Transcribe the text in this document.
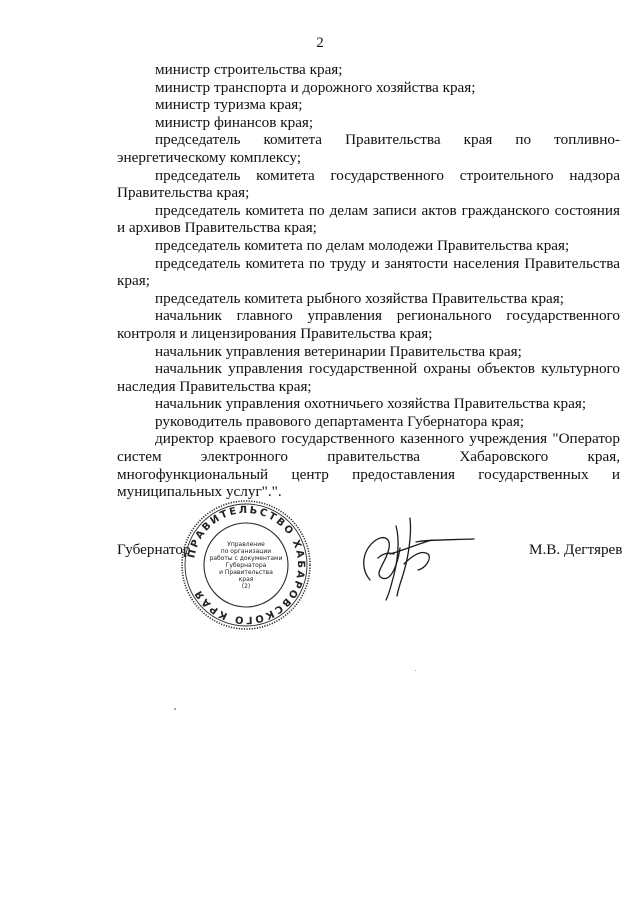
2

министр строительства края;

министр транспорта и дорожного хозяйства края;

министр туризма края;

министр финансов края;

председатель комитета Правительства края по топливно-энергетическому комплексу;

председатель комитета государственного строительного надзора Правительства края;

председатель комитета по делам записи актов гражданского состояния и архивов Правительства края;

председатель комитета по делам молодежи Правительства края;

председатель комитета по труду и занятости населения Правительства края;

председатель комитета рыбного хозяйства Правительства края;

начальник главного управления регионального государственного контроля и лицензирования Правительства края;

начальник управления ветеринарии Правительства края;

начальник управления государственной охраны объектов культурного наследия Правительства края;

начальник управления охотничьего хозяйства Правительства края;

руководитель правового департамента Губернатора края;

директор краевого государственного казенного учреждения "Оператор систем электронного правительства Хабаровского края, многофункциональный центр предоставления государственных и муниципальных услуг".".

Губернатор
ПРАВИТЕЛЬСТВО ХАБАРОВСКОГО КРАЯ
Управление
по организации
работы с документами
Губернатора
и Правительства
края
(2)
М.В. Дегтярев
